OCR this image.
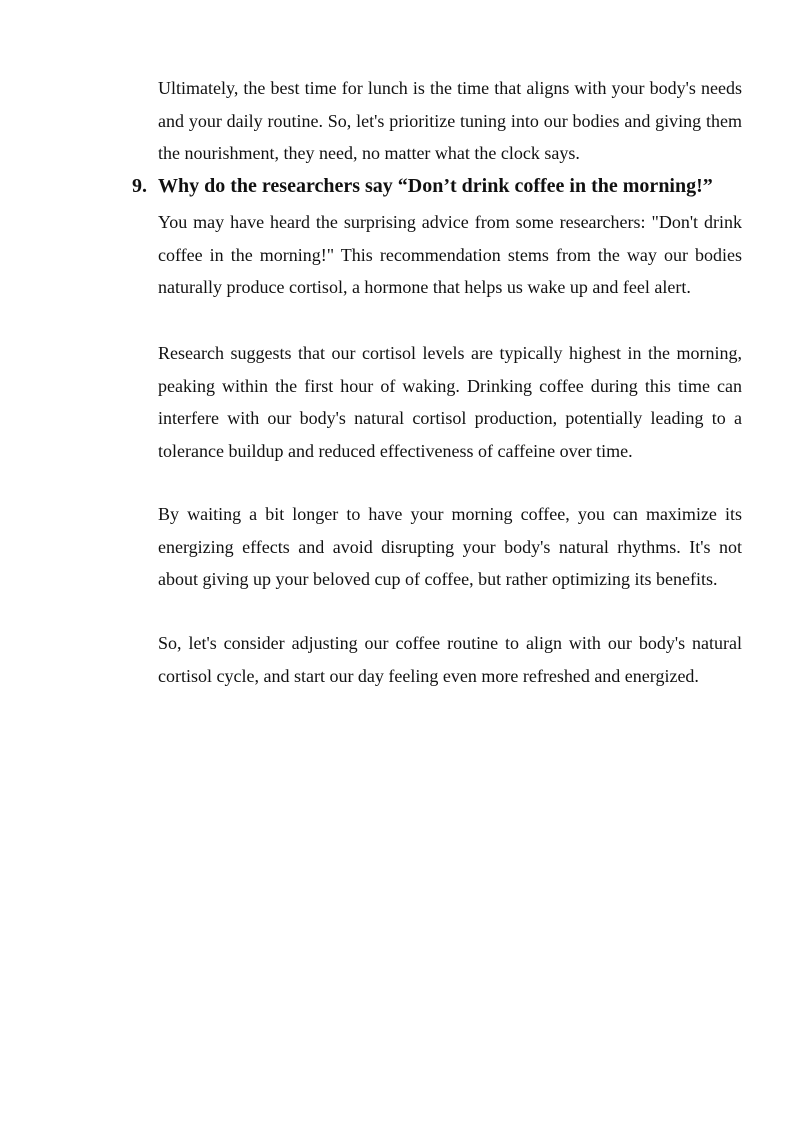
Ultimately, the best time for lunch is the time that aligns with your body's needs and your daily routine. So, let's prioritize tuning into our bodies and giving them the nourishment, they need, no matter what the clock says.

9. Why do the researchers say “Don’t drink coffee in the morning!”

You may have heard the surprising advice from some researchers: "Don't drink coffee in the morning!" This recommendation stems from the way our bodies naturally produce cortisol, a hormone that helps us wake up and feel alert.

Research suggests that our cortisol levels are typically highest in the morning, peaking within the first hour of waking. Drinking coffee during this time can interfere with our body's natural cortisol production, potentially leading to a tolerance buildup and reduced effectiveness of caffeine over time.

By waiting a bit longer to have your morning coffee, you can maximize its energizing effects and avoid disrupting your body's natural rhythms. It's not about giving up your beloved cup of coffee, but rather optimizing its benefits.

So, let's consider adjusting our coffee routine to align with our body's natural cortisol cycle, and start our day feeling even more refreshed and energized.
